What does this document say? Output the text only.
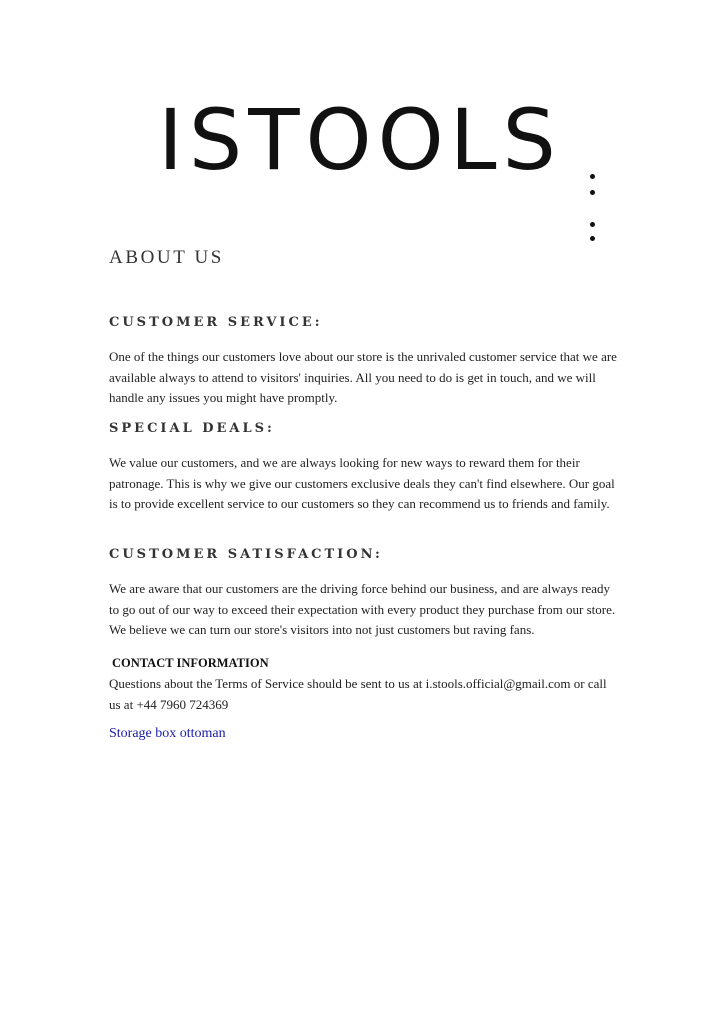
ISTOOLS
ABOUT US
CUSTOMER SERVICE:

One of the things our customers love about our store is the unrivaled customer service that we are available always to attend to visitors' inquiries. All you need to do is get in touch, and we will handle any issues you might have promptly.

SPECIAL DEALS:

We value our customers, and we are always looking for new ways to reward them for their patronage. This is why we give our customers exclusive deals they can't find elsewhere. Our goal is to provide excellent service to our customers so they can recommend us to friends and family.

CUSTOMER SATISFACTION:

We are aware that our customers are the driving force behind our business, and are always ready to go out of our way to exceed their expectation with every product they purchase from our store. We believe we can turn our store's visitors into not just customers but raving fans.

CONTACT INFORMATION

Questions about the Terms of Service should be sent to us at i.stools.official@gmail.com or call us at +44 7960 724369

Storage box ottoman
